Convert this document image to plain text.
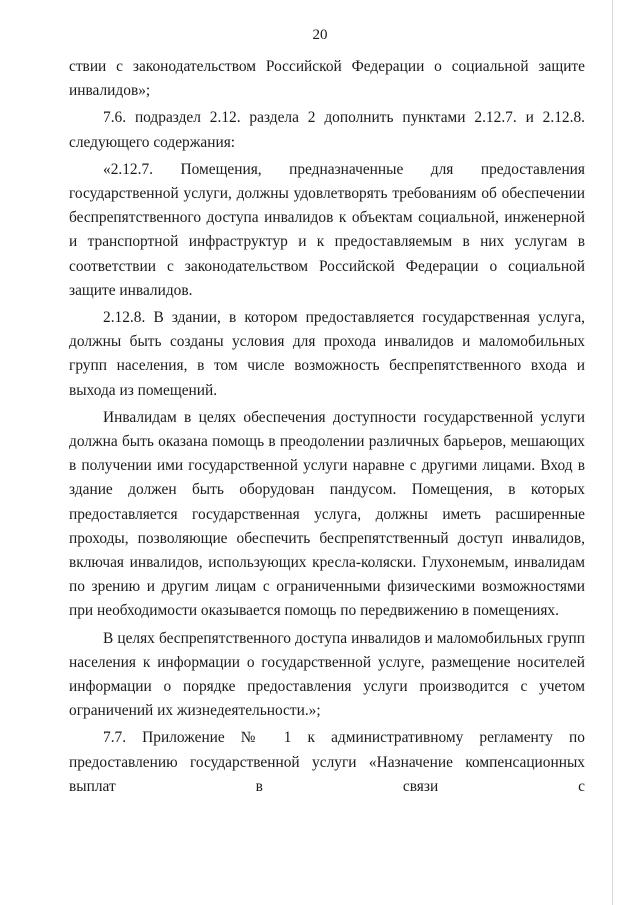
20

ствии с законодательством Российской Федерации о социальной защите инвалидов»;

7.6. подраздел 2.12. раздела 2 дополнить пунктами 2.12.7. и 2.12.8. следующего содержания:

«2.12.7. Помещения, предназначенные для предоставления государственной услуги, должны удовлетворять требованиям об обеспечении беспрепятственного доступа инвалидов к объектам социальной, инженерной и транспортной инфраструктур и к предоставляемым в них услугам в соответствии с законодательством Российской Федерации о социальной защите инвалидов.

2.12.8. В здании, в котором предоставляется государственная услуга, должны быть созданы условия для прохода инвалидов и маломобильных групп населения, в том числе возможность беспрепятственного входа и выхода из помещений.

Инвалидам в целях обеспечения доступности государственной услуги должна быть оказана помощь в преодолении различных барьеров, мешающих в получении ими государственной услуги наравне с другими лицами. Вход в здание должен быть оборудован пандусом. Помещения, в которых предоставляется государственная услуга, должны иметь расширенные проходы, позволяющие обеспечить беспрепятственный доступ инвалидов, включая инвалидов, использующих кресла-коляски. Глухонемым, инвалидам по зрению и другим лицам с ограниченными физическими возможностями при необходимости оказывается помощь по передвижению в помещениях.

В целях беспрепятственного доступа инвалидов и маломобильных групп населения к информации о государственной услуге, размещение носителей информации о порядке предоставления услуги производится с учетом ограничений их жизнедеятельности.»;

7.7. Приложение № 1 к административному регламенту по предоставлению государственной услуги «Назначение компенсационных выплат в связи с
